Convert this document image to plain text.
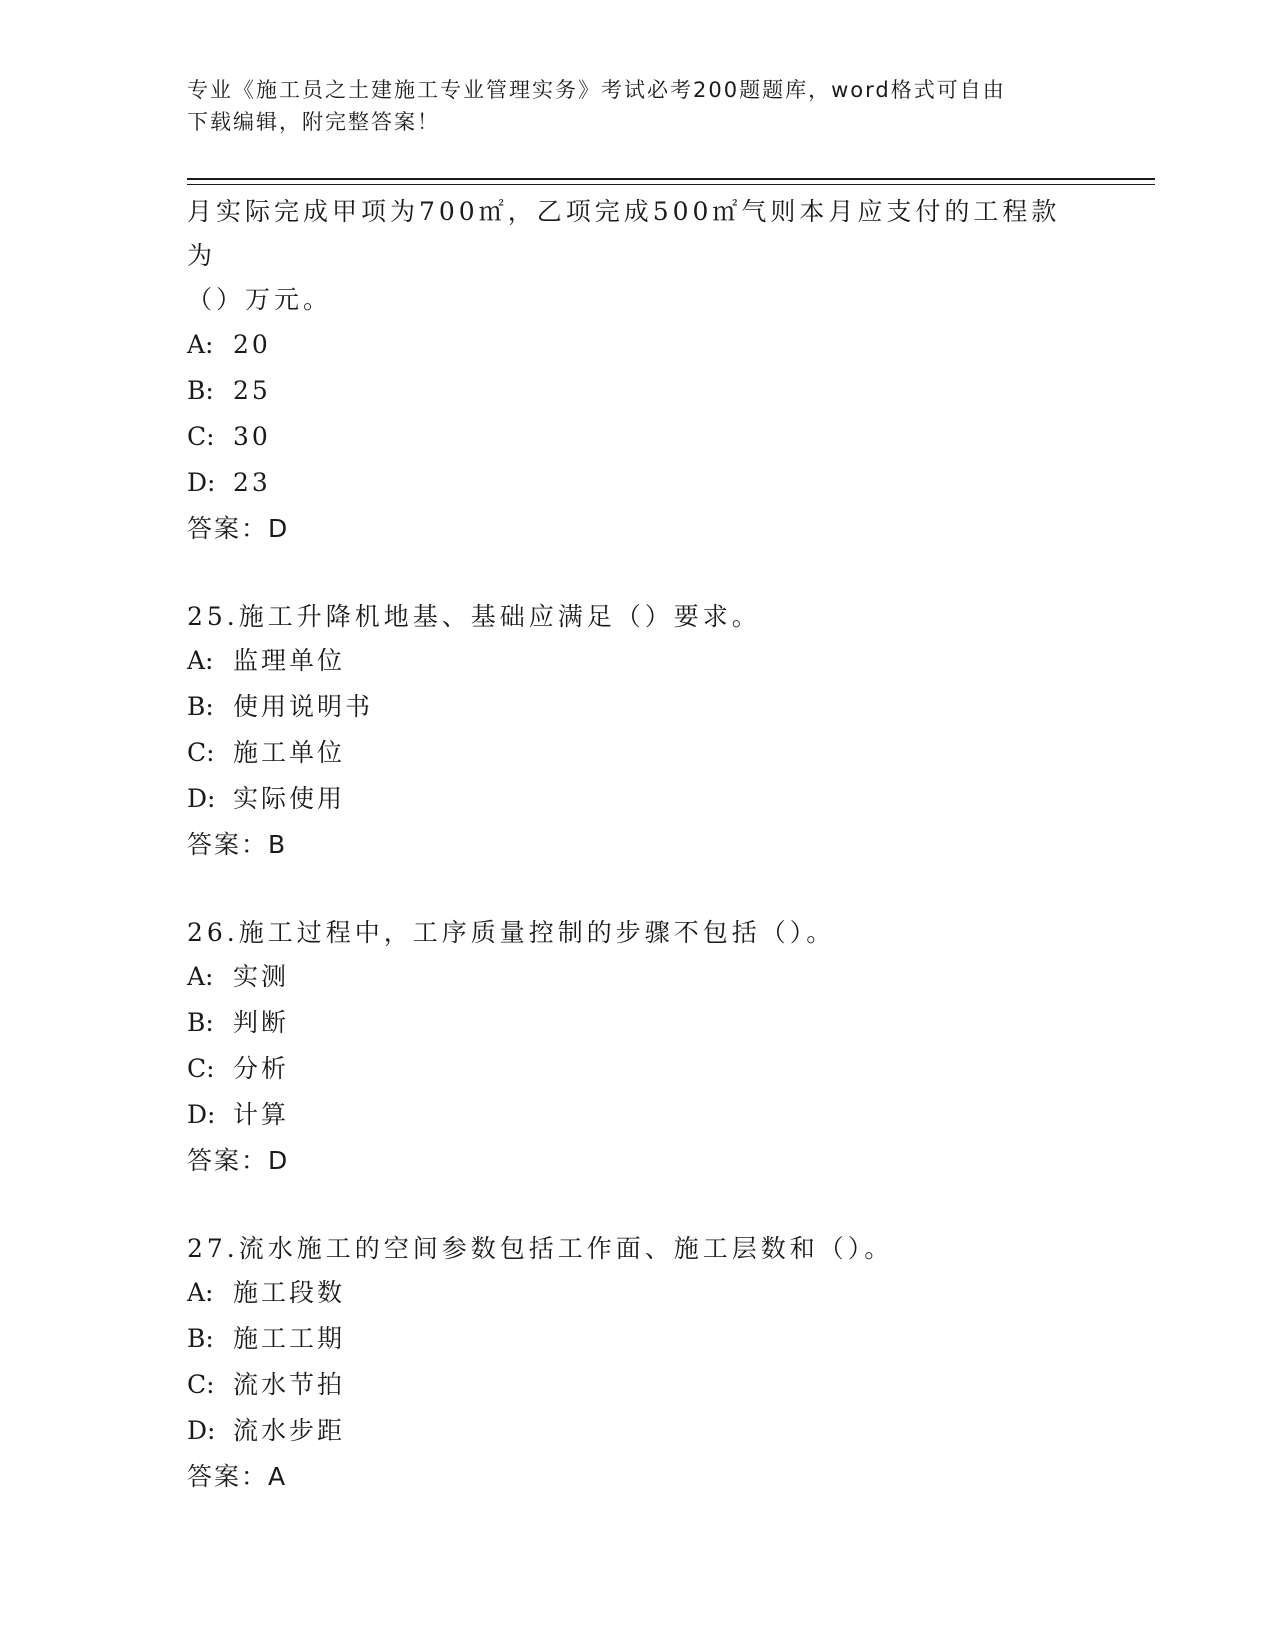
专业《施工员之土建施工专业管理实务》考试必考200题题库，word格式可自由
下载编辑，附完整答案！

月实际完成甲项为700㎡，乙项完成500㎡气则本月应支付的工程款为

（）万元。

A: 20

B: 25

C: 30

D: 23

答案：D

25.施工升降机地基、基础应满足（）要求。

A: 监理单位

B: 使用说明书

C: 施工单位

D: 实际使用

答案：B

26.施工过程中，工序质量控制的步骤不包括（）。

A: 实测

B: 判断

C: 分析

D: 计算

答案：D

27.流水施工的空间参数包括工作面、施工层数和（）。

A: 施工段数

B: 施工工期

C: 流水节拍

D: 流水步距

答案：A
